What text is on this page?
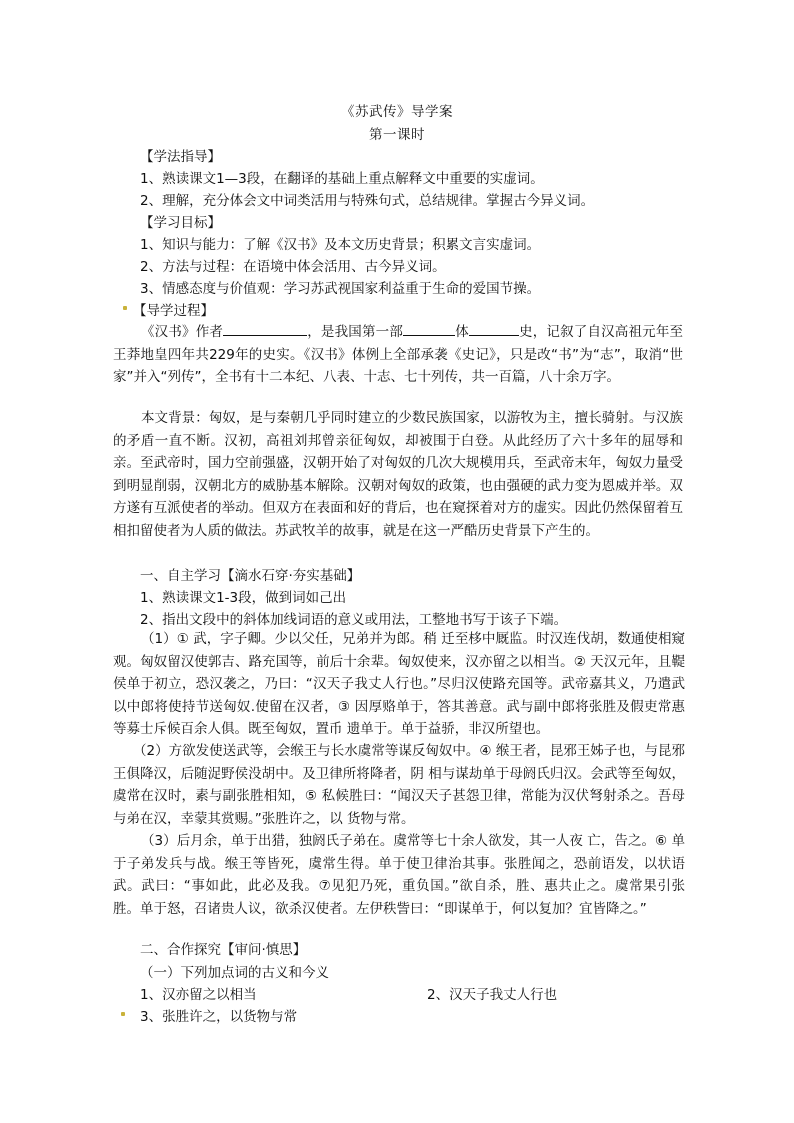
《苏武传》导学案
第一课时
【学法指导】
1、熟读课文1—3段，在翻译的基础上重点解释文中重要的实虚词。
2、理解，充分体会文中词类活用与特殊句式，总结规律。掌握古今异义词。
【学习目标】
1、知识与能力：了解《汉书》及本文历史背景；积累文言实虚词。
2、方法与过程：在语境中体会活用、古今异义词。
3、情感态度与价值观：学习苏武视国家利益重于生命的爱国节操。
【导学过程】
《汉书》作者	，是我国第一部	体	史，记叙了自汉高祖元年至王莽地皇四年共229年的史实。《汉书》体例上全部承袭《史记》，只是改“书”为“志”，取消“世家”并入“列传”，全书有十二本纪、八表、十志、七十列传，共一百篇，八十余万字。
本文背景：匈奴，是与秦朝几乎同时建立的少数民族国家，以游牧为主，擅长骑射。与汉族的矛盾一直不断。汉初，高祖刘邦曾亲征匈奴，却被围于白登。从此经历了六十多年的屈辱和亲。至武帝时，国力空前强盛，汉朝开始了对匈奴的几次大规模用兵，至武帝末年，匈奴力量受到明显削弱，汉朝北方的威胁基本解除。汉朝对匈奴的政策，也由强硬的武力变为恩威并举。双方遂有互派使者的举动。但双方在表面和好的背后，也在窥探着对方的虚实。因此仍然保留着互相扣留使者为人质的做法。苏武牧羊的故事，就是在这一严酷历史背景下产生的。
一、自主学习【滴水石穿·夯实基础】
1、熟读课文1-3段，做到词如己出
2、指出文段中的斜体加线词语的意义或用法，工整地书写于该子下端。
（1）① 武，字子卿。少以父任，兄弟并为郎。稍 迁至栘中厩监。时汉连伐胡，数通使相窥观。匈奴留汉使郭吉、路充国等，前后十余辈。匈奴使来，汉亦留之以相当。② 天汉元年，且鞮侯单于初立，恐汉袭之，乃曰：“汉天子我丈人行也。”尽归汉使路充国等。武帝嘉其义，乃遣武以中郎将使持节送匈奴.使留在汉者，③ 因厚赂单于，答其善意。武与副中郎将张胜及假吏常惠等募士斥候百余人俱。既至匈奴，置币 遗单于。单于益骄，非汉所望也。
（2）方欲发使送武等，会缑王与长水虞常等谋反匈奴中。④ 缑王者，昆邪王姊子也，与昆邪王俱降汉，后随浞野侯没胡中。及卫律所将降者，阴 相与谋劫单于母阏氏归汉。会武等至匈奴，虞常在汉时，素与副张胜相知，⑤ 私候胜曰：“闻汉天子甚怨卫律，常能为汉伏弩射杀之。吾母与弟在汉，幸蒙其赏赐。”张胜许之，以 货物与常。
（3）后月余，单于出猎，独阏氏子弟在。虞常等七十余人欲发，其一人夜 亡，告之。⑥ 单于子弟发兵与战。缑王等皆死，虞常生得。单于使卫律治其事。张胜闻之，恐前语发，以状语武。武曰：“事如此，此必及我。⑦见犯乃死，重负国。”欲自杀，胜、惠共止之。虞常果引张胜。单于怒，召诸贵人议，欲杀汉使者。左伊秩訾曰：“即谋单于，何以复加？宜皆降之。”
二、合作探究【审问·慎思】
（一）下列加点词的古义和今义
1、汉亦留之以相当	2、汉天子我丈人行也
3、张胜许之，以货物与常
